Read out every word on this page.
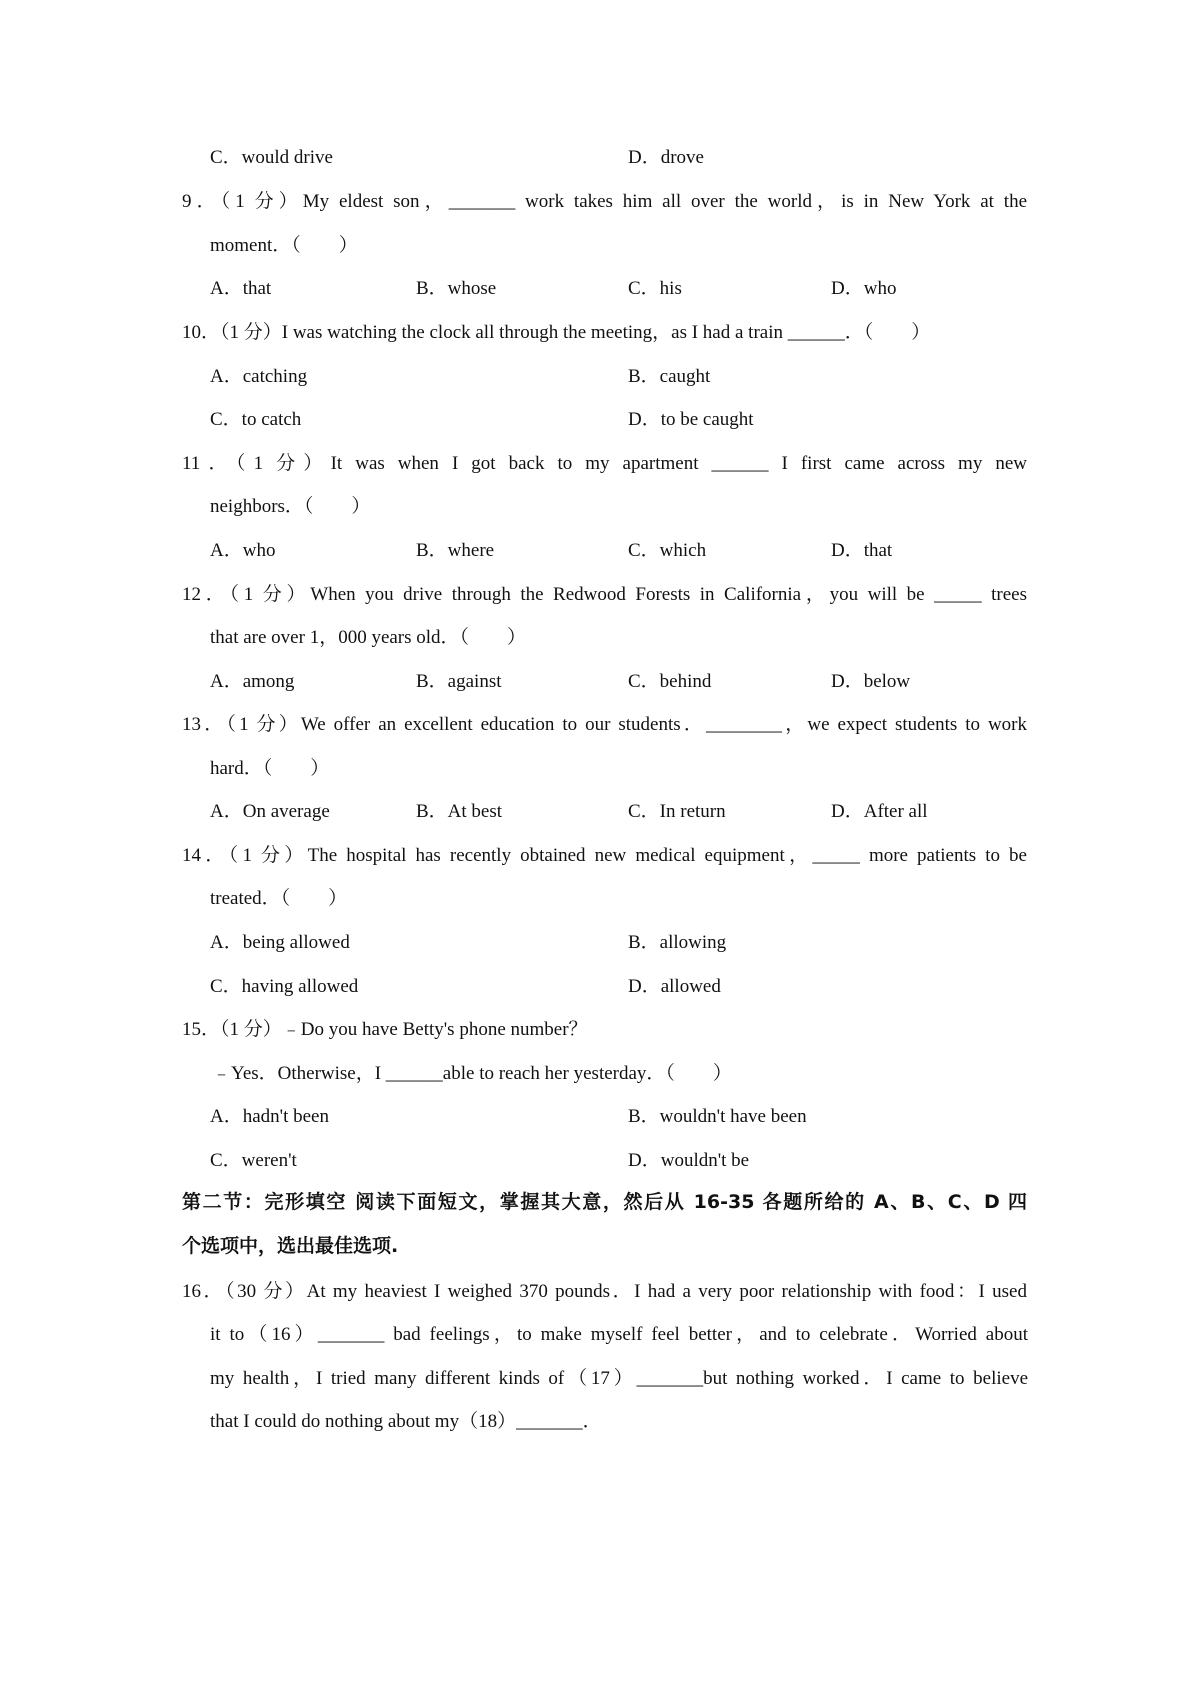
C．would drive	D．drove
9．（1 分）My eldest son，_______ work takes him all over the world，is in New York at the
moment．（　　）
A．that	B．whose	C．his	D．who
10．（1 分）I was watching the clock all through the meeting，as I had a train ______．（　　）
A．catching	B．caught
C．to catch	D．to be caught
11．（1 分）It was when I got back to my apartment ______ I first came across my new
neighbors．（　　）
A．who	B．where	C．which	D．that
12．（1 分）When you drive through the Redwood Forests in California，you will be _____ trees
that are over 1，000 years old．（　　）
A．among	B．against	C．behind	D．below
13．（1 分）We offer an excellent education to our students．________，we expect students to work
hard．（　　）
A．On average	B．At best	C．In return	D．After all
14．（1 分）The hospital has recently obtained new medical equipment，_____ more patients to be
treated．（　　）
A．being allowed	B．allowing
C．having allowed	D．allowed
15．（1 分）﹣Do you have Betty's phone number？
﹣Yes．Otherwise，I ______able to reach her yesterday．（　　）
A．hadn't been	B．wouldn't have been
C．weren't	D．wouldn't be
第二节：完形填空 阅读下面短文，掌握其大意，然后从 16-35 各题所给的 A、B、C、D 四
个选项中，选出最佳选项.
16．（30 分）At my heaviest I weighed 370 pounds．I had a very poor relationship with food：I used
it to（16）_______ bad feelings，to make myself feel better，and to celebrate．Worried about
my health，I tried many different kinds of（17）_______but nothing worked．I came to believe
that I could do nothing about my（18）_______．
